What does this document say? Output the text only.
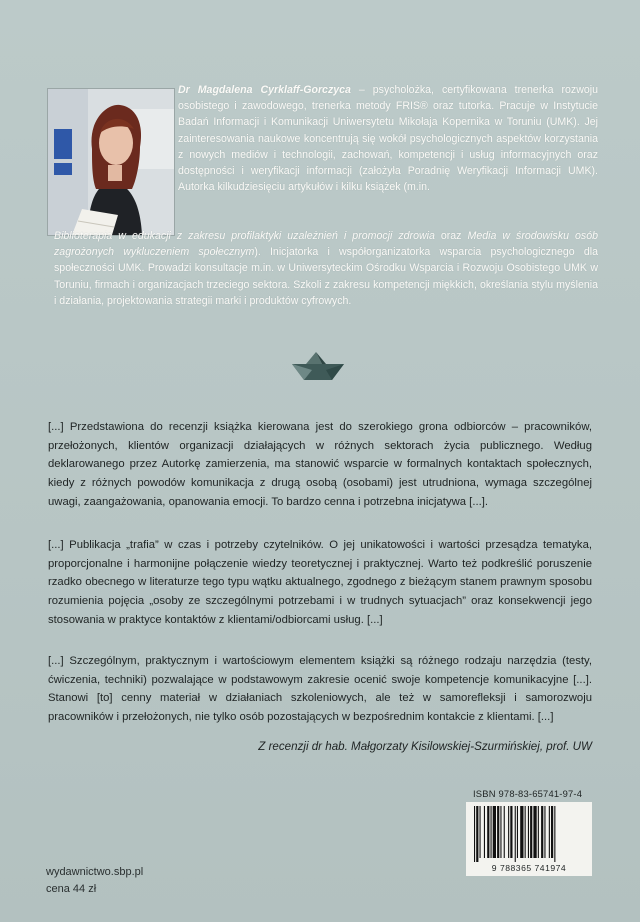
Dr Magdalena Cyrklaff-Gorczyca – psycholożka, certyfikowana trenerka rozwoju osobistego i zawodowego, trenerka metody FRIS® oraz tutorka. Pracuje w Instytucie Badań Informacji i Komunikacji Uniwersytetu Mikołaja Kopernika w Toruniu (UMK). Jej zainteresowania naukowe koncentrują się wokół psychologicznych aspektów korzystania z nowych mediów i technologii, zachowań, kompetencji i usług informacyjnych oraz dostępności i weryfikacji informacji (założyła Poradnię Weryfikacji Informacji UMK). Autorka kilkudziesięciu artykułów i kilku książek (m.in.
Biblioterapia w edukacji z zakresu profilaktyki uzależnień i promocji zdrowia oraz Media w środowisku osób zagrożonych wykluczeniem społecznym). Inicjatorka i współorganizatorka wsparcia psychologicznego dla społeczności UMK. Prowadzi konsultacje m.in. w Uniwersyteckim Ośrodku Wsparcia i Rozwoju Osobistego UMK w Toruniu, firmach i organizacjach trzeciego sektora. Szkoli z zakresu kompetencji miękkich, określania stylu myślenia i działania, projektowania strategii marki i produktów cyfrowych.

[...] Przedstawiona do recenzji książka kierowana jest do szerokiego grona odbiorców – pracowników, przełożonych, klientów organizacji działających w różnych sektorach życia publicznego. Według deklarowanego przez Autorkę zamierzenia, ma stanowić wsparcie w formalnych kontaktach społecznych, kiedy z różnych powodów komunikacja z drugą osobą (osobami) jest utrudniona, wymaga szczególnej uwagi, zaangażowania, opanowania emocji. To bardzo cenna i potrzebna inicjatywa [...].

[...] Publikacja „trafia” w czas i potrzeby czytelników. O jej unikatowości i wartości przesądza tematyka, proporcjonalne i harmonijne połączenie wiedzy teoretycznej i praktycznej. Warto też podkreślić poruszenie rzadko obecnego w literaturze tego typu wątku aktualnego, zgodnego z bieżącym stanem prawnym sposobu rozumienia pojęcia „osoby ze szczególnymi potrzebami i w trudnych sytuacjach” oraz konsekwencji jego stosowania w praktyce kontaktów z klientami/odbiorcami usług. [...]

[...] Szczególnym, praktycznym i wartościowym elementem książki są różnego rodzaju narzędzia (testy, ćwiczenia, techniki) pozwalające w podstawowym zakresie ocenić swoje kompetencje komunikacyjne [...]. Stanowi [to] cenny materiał w działaniach szkoleniowych, ale też w samorefleksji i samorozwoju pracowników i przełożonych, nie tylko osób pozostających w bezpośrednim kontakcie z klientami. [...]

Z recenzji dr hab. Małgorzaty Kisilowskiej-Szurmińskiej, prof. UW
ISBN 978-83-65741-97-4
9 788365 741974
wydawnictwo.sbp.pl
cena 44 zł
